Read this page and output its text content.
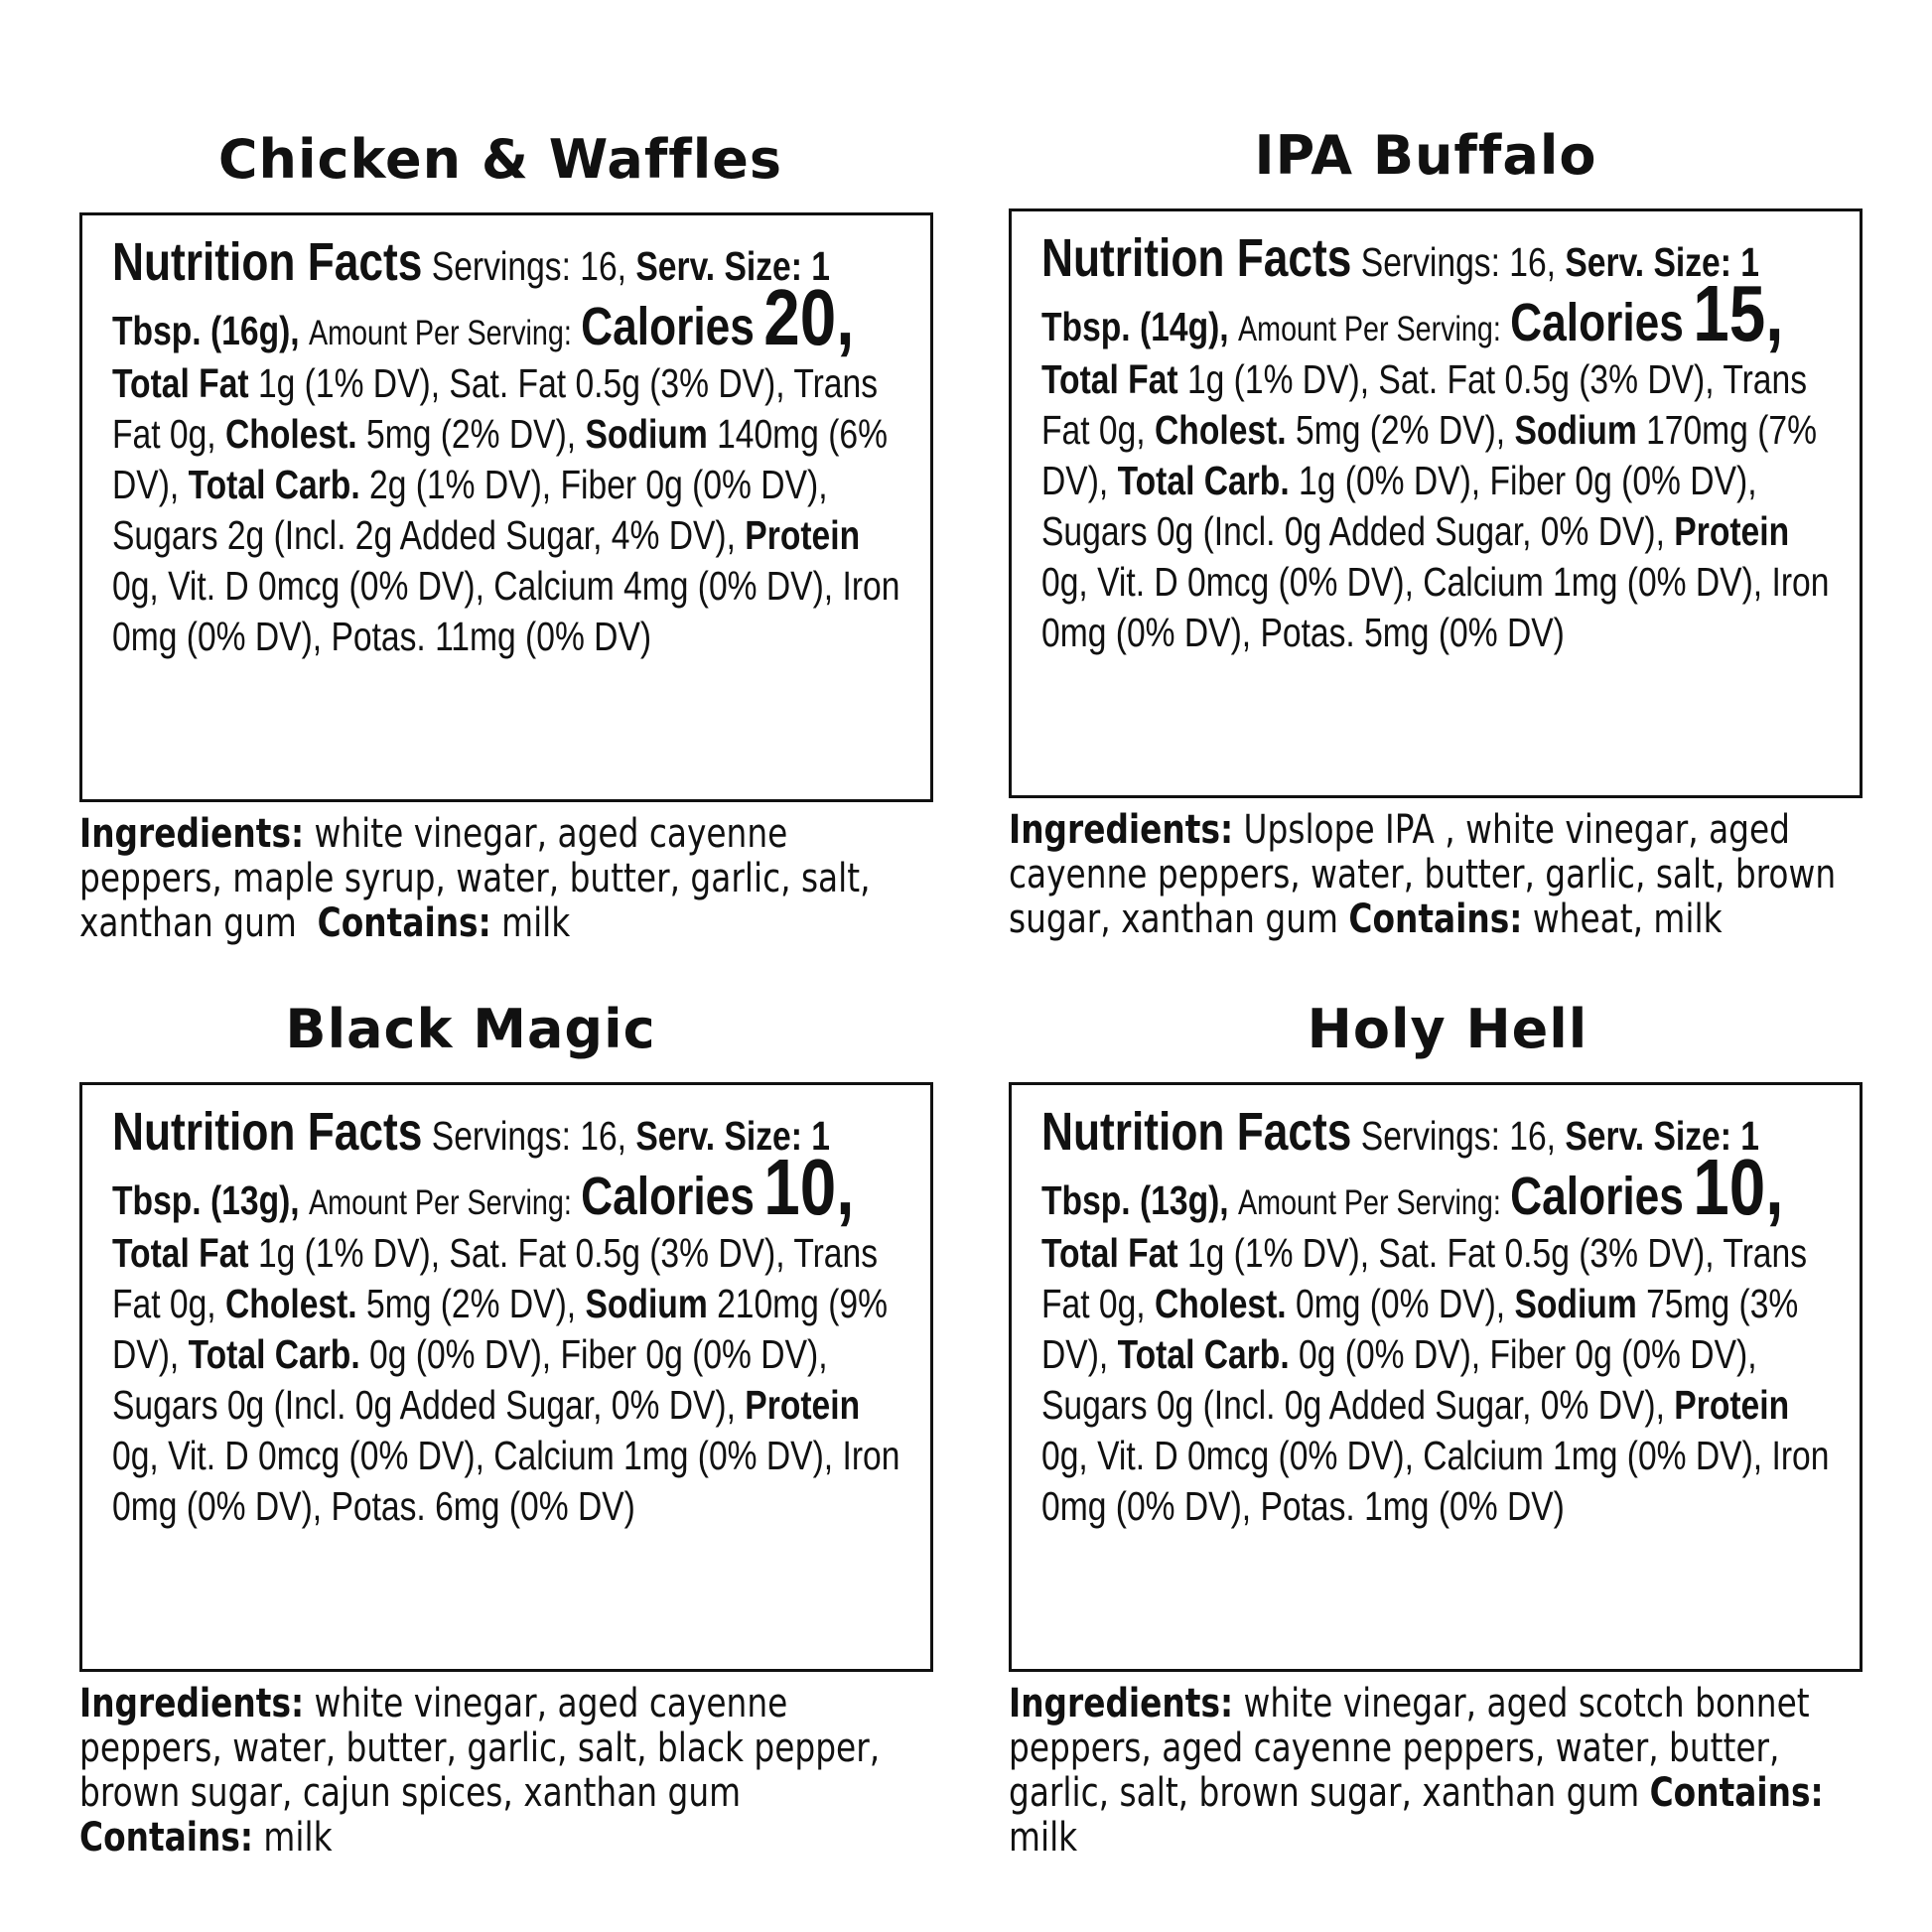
Chicken & Waffles

Nutrition Facts Servings: 16, Serv. Size: 1 Tbsp. (16g), Amount Per Serving: Calories 20, Total Fat 1g (1% DV), Sat. Fat 0.5g (3% DV), Trans Fat 0g, Cholest. 5mg (2% DV), Sodium 140mg (6% DV), Total Carb. 2g (1% DV), Fiber 0g (0% DV), Sugars 2g (Incl. 2g Added Sugar, 4% DV), Protein 0g, Vit. D 0mcg (0% DV), Calcium 4mg (0% DV), Iron 0mg (0% DV), Potas. 11mg (0% DV)

Ingredients: white vinegar, aged cayenne peppers, maple syrup, water, butter, garlic, salt, xanthan gum Contains: milk
IPA Buffalo

Nutrition Facts Servings: 16, Serv. Size: 1 Tbsp. (14g), Amount Per Serving: Calories 15, Total Fat 1g (1% DV), Sat. Fat 0.5g (3% DV), Trans Fat 0g, Cholest. 5mg (2% DV), Sodium 170mg (7% DV), Total Carb. 1g (0% DV), Fiber 0g (0% DV), Sugars 0g (Incl. 0g Added Sugar, 0% DV), Protein 0g, Vit. D 0mcg (0% DV), Calcium 1mg (0% DV), Iron 0mg (0% DV), Potas. 5mg (0% DV)

Ingredients: Upslope IPA , white vinegar, aged cayenne peppers, water, butter, garlic, salt, brown sugar, xanthan gum Contains: wheat, milk
Black Magic

Nutrition Facts Servings: 16, Serv. Size: 1 Tbsp. (13g), Amount Per Serving: Calories 10, Total Fat 1g (1% DV), Sat. Fat 0.5g (3% DV), Trans Fat 0g, Cholest. 5mg (2% DV), Sodium 210mg (9% DV), Total Carb. 0g (0% DV), Fiber 0g (0% DV), Sugars 0g (Incl. 0g Added Sugar, 0% DV), Protein 0g, Vit. D 0mcg (0% DV), Calcium 1mg (0% DV), Iron 0mg (0% DV), Potas. 6mg (0% DV)

Ingredients: white vinegar, aged cayenne peppers, water, butter, garlic, salt, black pepper, brown sugar, cajun spices, xanthan gum  Contains: milk
Holy Hell

Nutrition Facts Servings: 16, Serv. Size: 1 Tbsp. (13g), Amount Per Serving: Calories 10, Total Fat 1g (1% DV), Sat. Fat 0.5g (3% DV), Trans Fat 0g, Cholest. 0mg (0% DV), Sodium 75mg (3% DV), Total Carb. 0g (0% DV), Fiber 0g (0% DV), Sugars 0g (Incl. 0g Added Sugar, 0% DV), Protein 0g, Vit. D 0mcg (0% DV), Calcium 1mg (0% DV), Iron 0mg (0% DV), Potas. 1mg (0% DV)

Ingredients: white vinegar, aged scotch bonnet peppers, aged cayenne peppers, water, butter, garlic, salt, brown sugar, xanthan gum Contains: milk
